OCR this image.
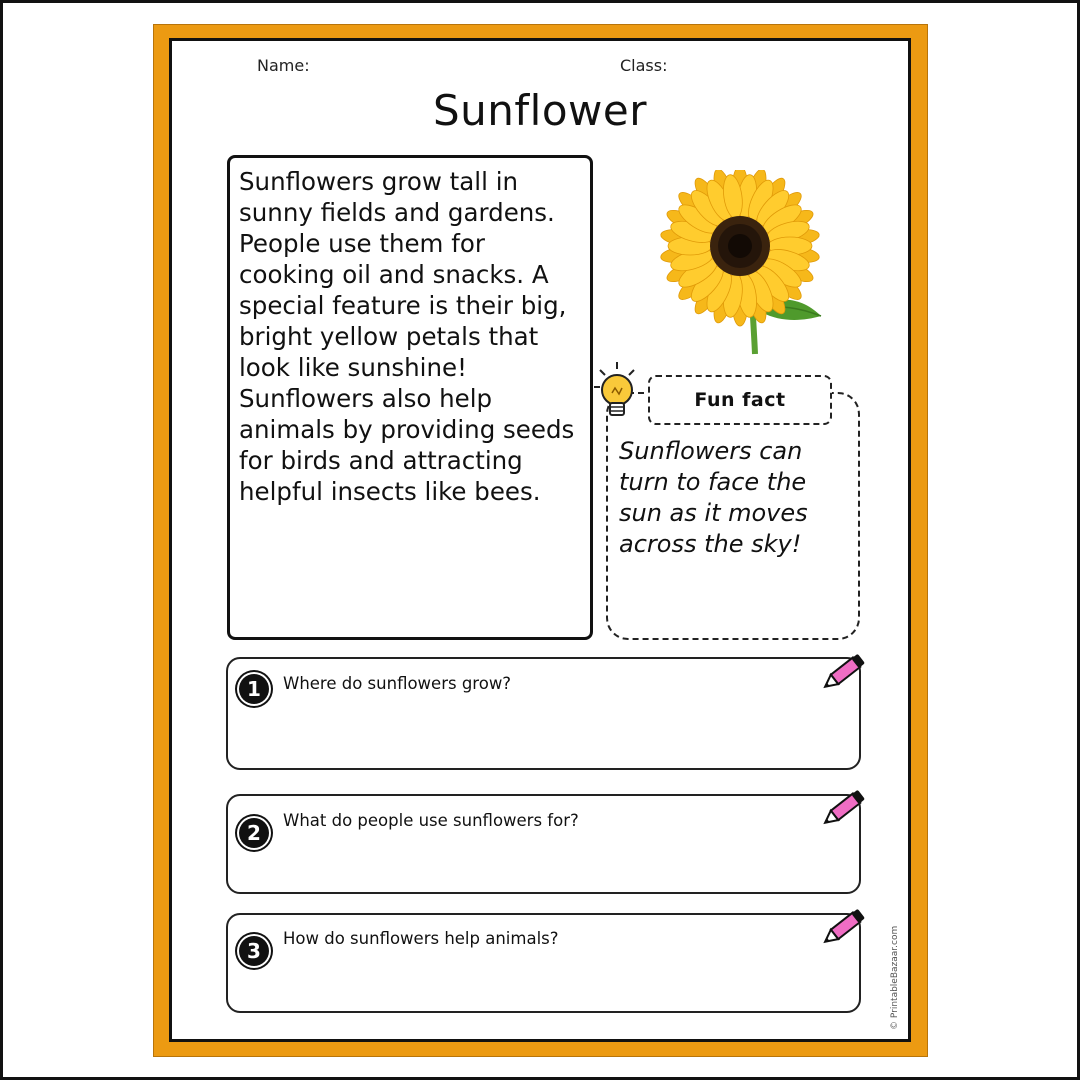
Name:	Class:
Sunflower

Sunflowers grow tall in sunny fields and gardens. People use them for cooking oil and snacks. A special feature is their big, bright yellow petals that look like sunshine! Sunflowers also help animals by providing seeds for birds and attracting helpful insects like bees.

Fun fact

Sunflowers can turn to face the sun as it moves across the sky!

1	Where do sunflowers grow?
2
What do people use sunflowers for?
3
How do sunflowers help animals?	© PrintableBazaar.com
